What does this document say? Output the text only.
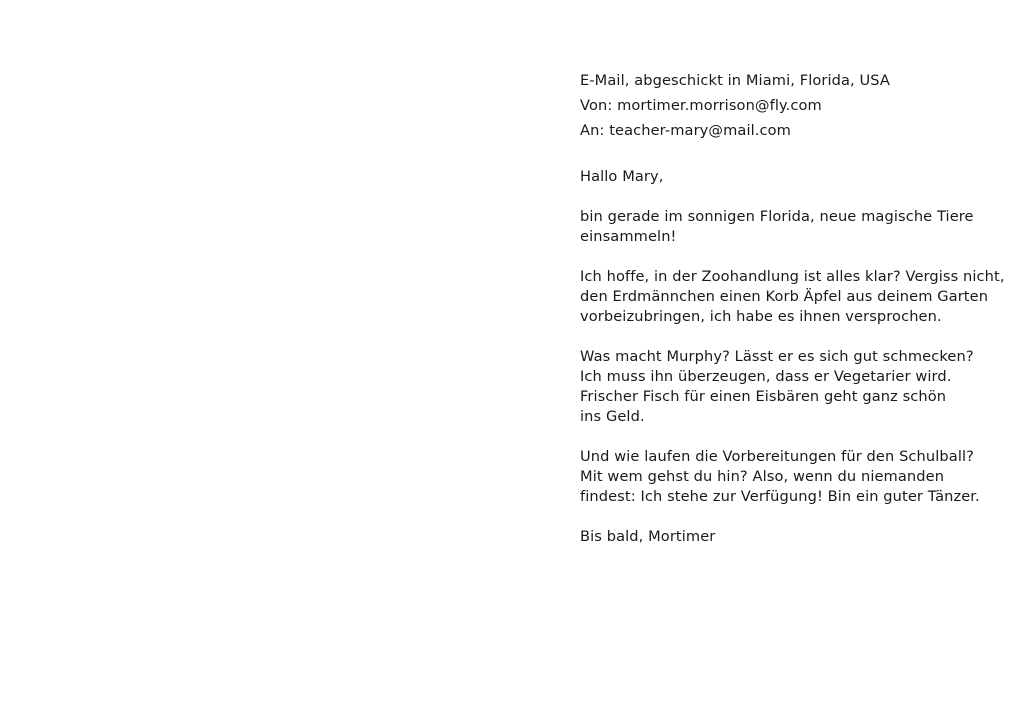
E-Mail, abgeschickt in Miami, Florida, USA
Von: mortimer.morrison@fly.com
An: teacher-mary@mail.com
Hallo Mary,
bin gerade im sonnigen Florida, neue magische Tiere
einsammeln!
Ich hoffe, in der Zoohandlung ist alles klar? Vergiss nicht,
den Erdmännchen einen Korb Äpfel aus deinem Garten
vorbeizubringen, ich habe es ihnen versprochen.
Was macht Murphy? Lässt er es sich gut schmecken?
Ich muss ihn überzeugen, dass er Vegetarier wird.
Frischer Fisch für einen Eisbären geht ganz schön
ins Geld.
Und wie laufen die Vorbereitungen für den Schulball?
Mit wem gehst du hin? Also, wenn du niemanden
findest: Ich stehe zur Verfügung! Bin ein guter Tänzer.
Bis bald, Mortimer
